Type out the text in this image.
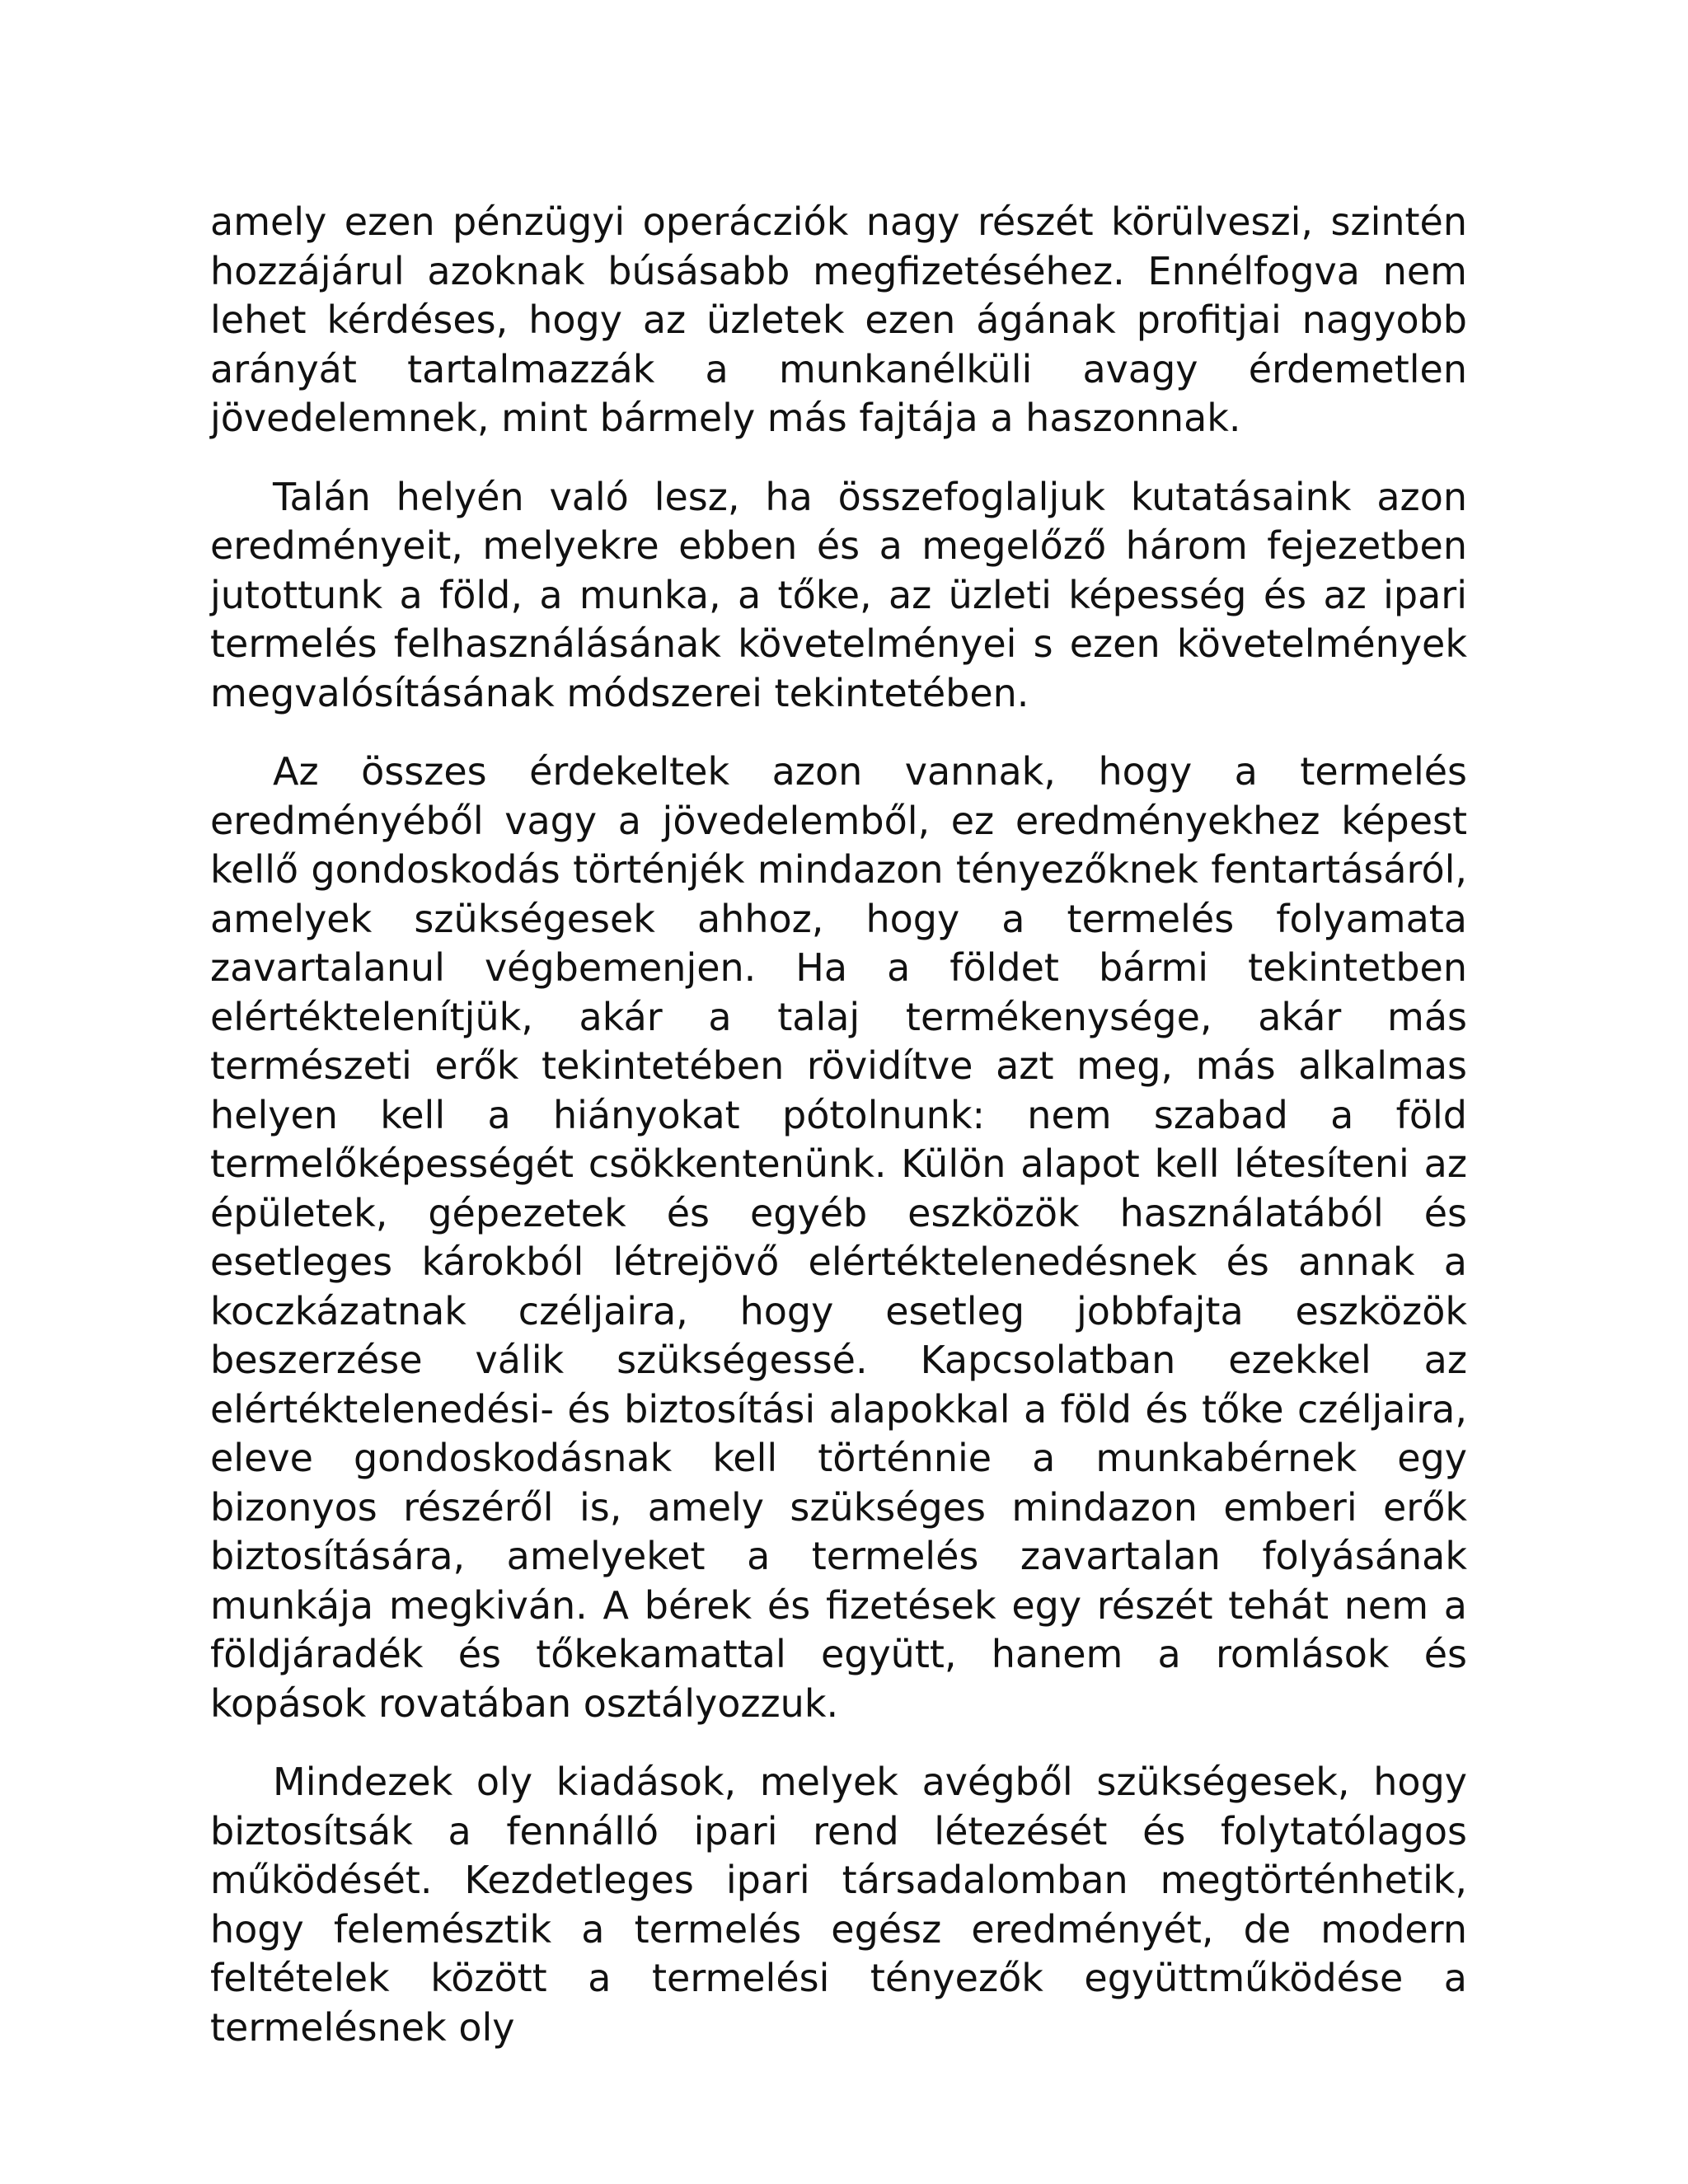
amely ezen pénzügyi operácziók nagy részét körülveszi, szintén hozzájárul azoknak búsásabb megfizetéséhez. Ennélfogva nem lehet kérdéses, hogy az üzletek ezen ágának profitjai nagyobb arányát tartalmazzák a munkanélküli avagy érdemetlen jövedelemnek, mint bármely más fajtája a haszonnak.

Talán helyén való lesz, ha összefoglaljuk kutatásaink azon eredményeit, melyekre ebben és a megelőző három fejezetben jutottunk a föld, a munka, a tőke, az üzleti képesség és az ipari termelés felhasználásának követelményei s ezen követelmények megvalósításának módszerei tekintetében.

Az összes érdekeltek azon vannak, hogy a termelés eredményéből vagy a jövedelemből, ez eredményekhez képest kellő gondoskodás történjék mindazon tényezőknek fentartásáról, amelyek szükségesek ahhoz, hogy a termelés folyamata zavartalanul végbemenjen. Ha a földet bármi tekintetben elértéktelenítjük, akár a talaj termékenysége, akár más természeti erők tekintetében rövidítve azt meg, más alkalmas helyen kell a hiányokat pótolnunk: nem szabad a föld termelőképességét csökkentenünk. Külön alapot kell létesíteni az épületek, gépezetek és egyéb eszközök használatából és esetleges károkból létrejövő elértéktelenedésnek és annak a koczkázatnak czéljaira, hogy esetleg jobbfajta eszközök beszerzése válik szükségessé. Kapcsolatban ezekkel az elértéktelenedési- és biztosítási alapokkal a föld és tőke czéljaira, eleve gondoskodásnak kell történnie a munkabérnek egy bizonyos részéről is, amely szükséges mindazon emberi erők biztosítására, amelyeket a termelés zavartalan folyásának munkája megkiván. A bérek és fizetések egy részét tehát nem a földjáradék és tőkekamattal együtt, hanem a romlások és kopások rovatában osztályozzuk.

Mindezek oly kiadások, melyek avégből szükségesek, hogy biztosítsák a fennálló ipari rend létezését és folytatólagos működését. Kezdetleges ipari társadalomban megtörténhetik, hogy felemésztik a termelés egész eredményét, de modern feltételek között a termelési tényezők együttműködése a termelésnek oly
